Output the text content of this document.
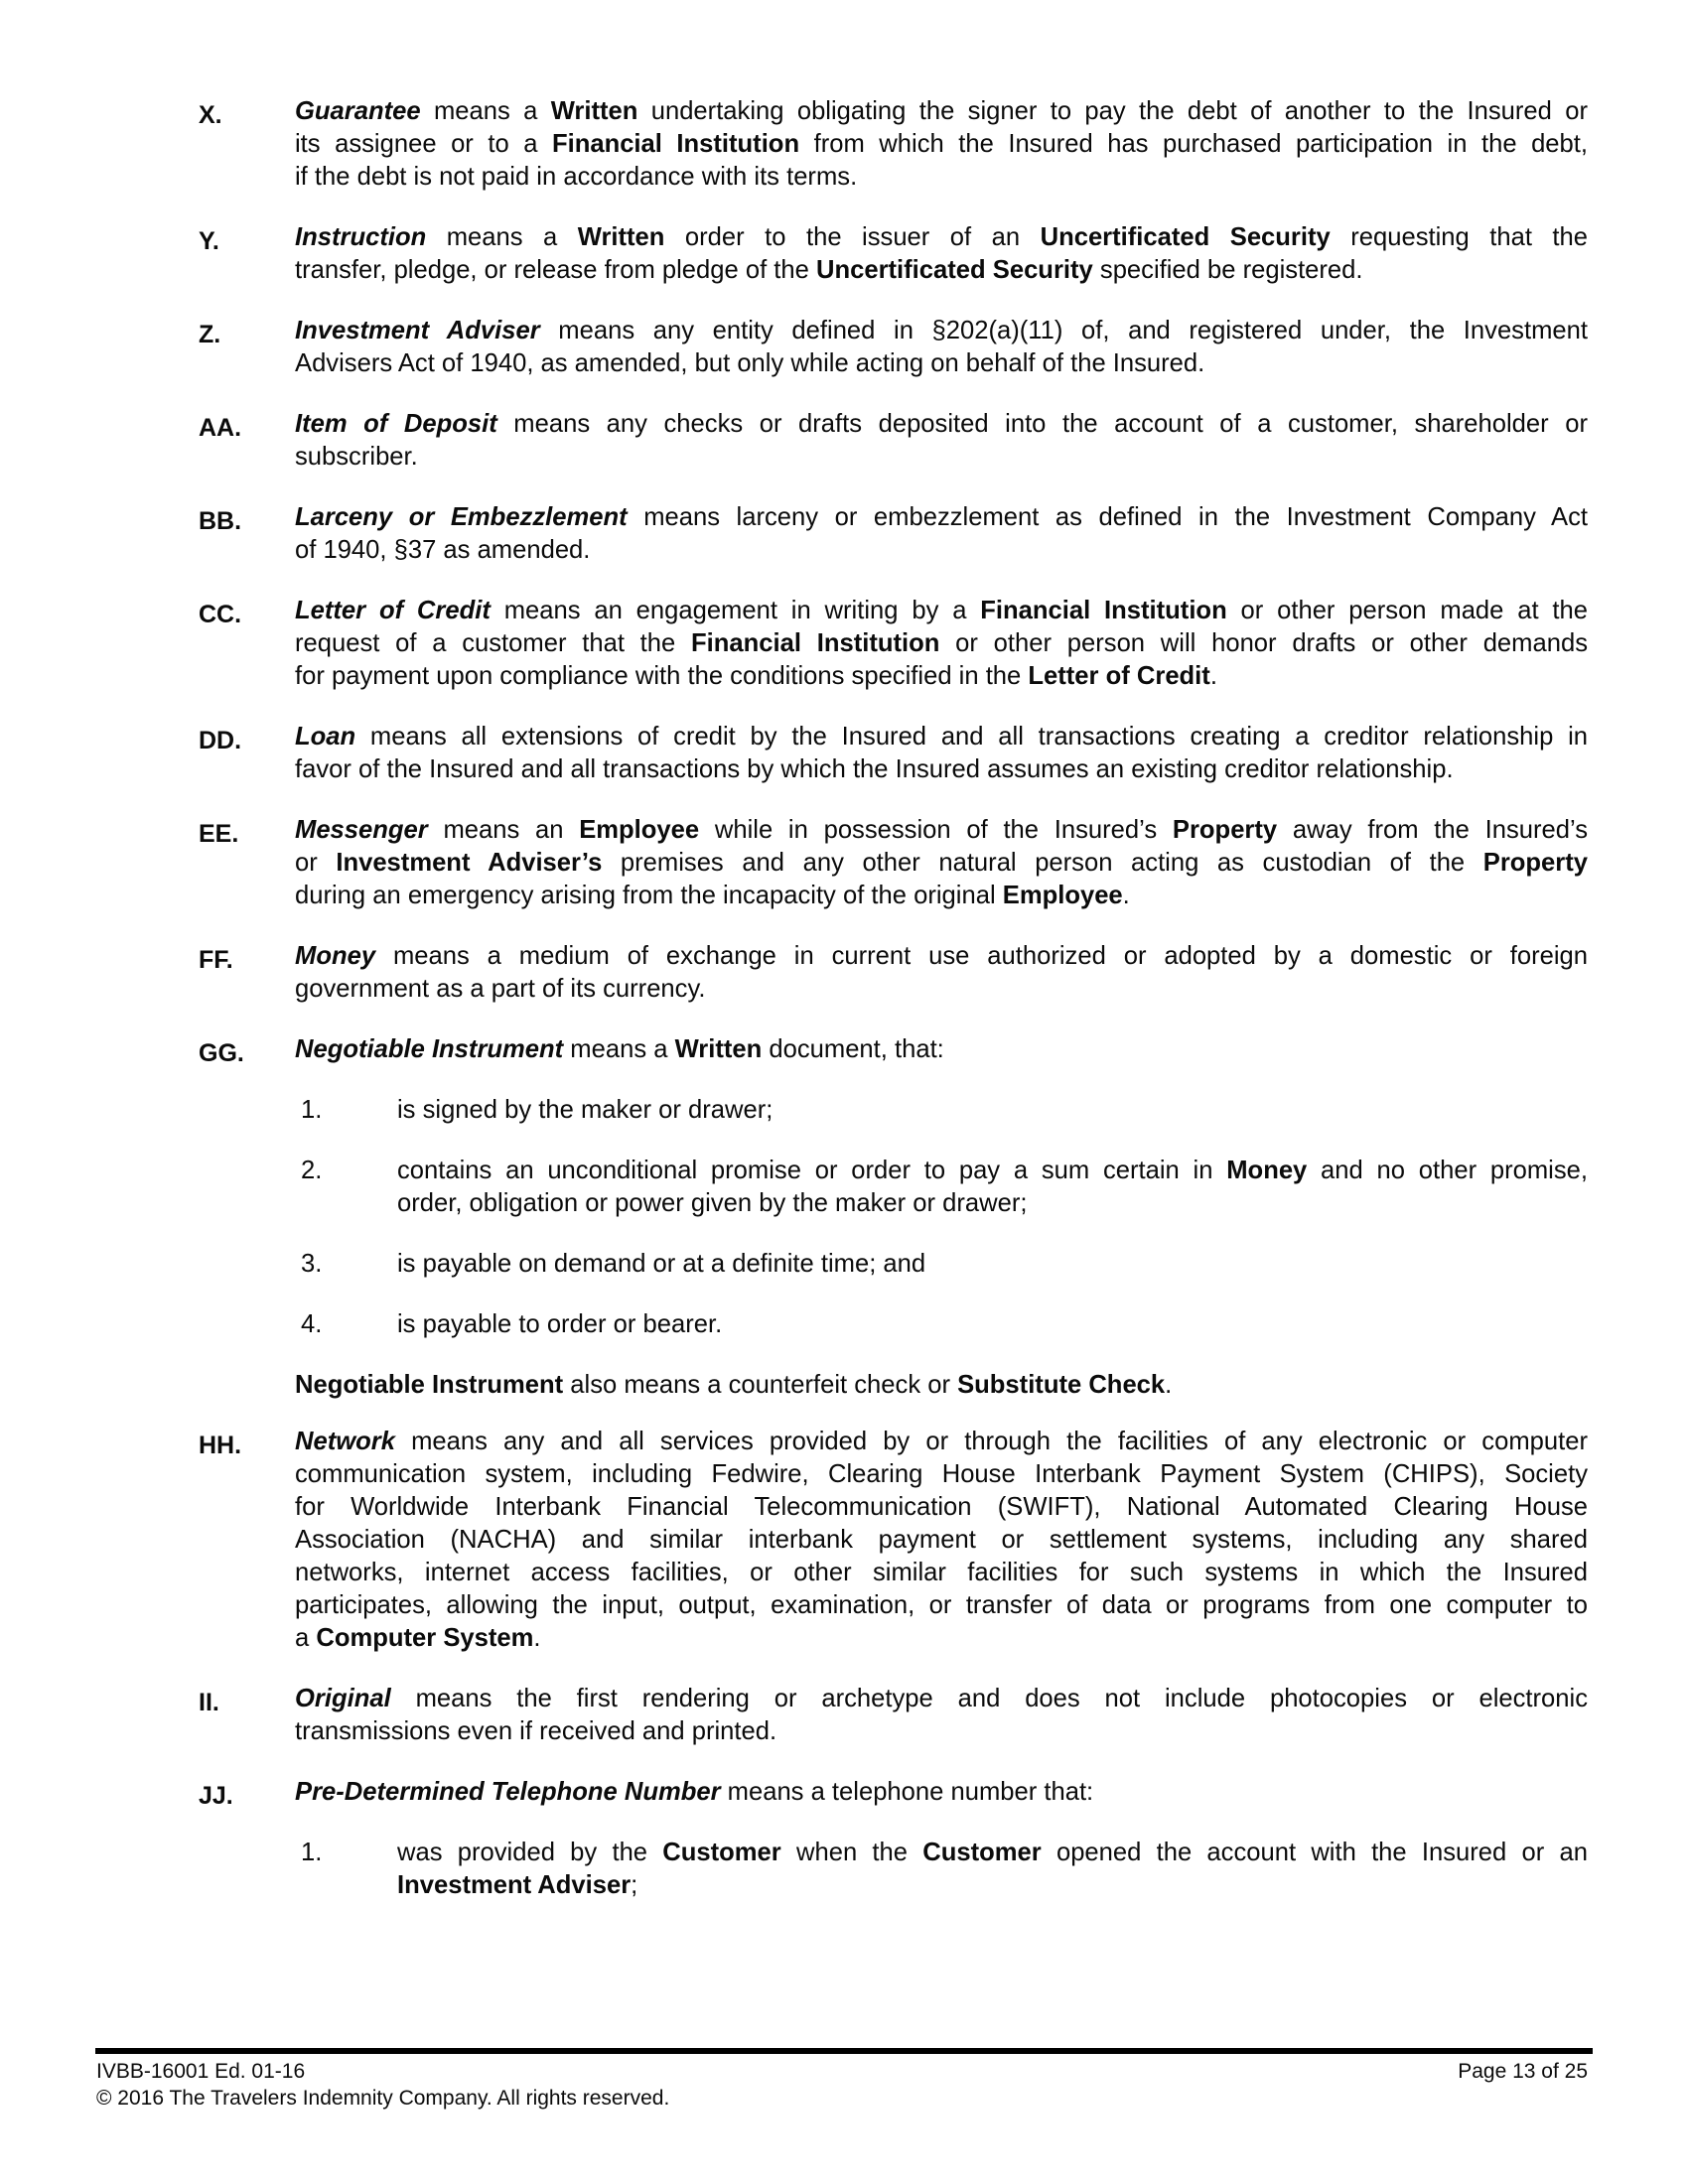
X.	Guarantee means a Written undertaking obligating the signer to pay the debt of another to the Insured or
its assignee or to a Financial Institution from which the Insured has purchased participation in the debt,
if the debt is not paid in accordance with its terms.
Y.	Instruction means a Written order to the issuer of an Uncertificated Security requesting that the
transfer, pledge, or release from pledge of the Uncertificated Security specified be registered.
Z.	Investment Adviser means any entity defined in §202(a)(11) of, and registered under, the Investment
Advisers Act of 1940, as amended, but only while acting on behalf of the Insured.
AA.	Item of Deposit means any checks or drafts deposited into the account of a customer, shareholder or
subscriber.
BB.	Larceny or Embezzlement means larceny or embezzlement as defined in the Investment Company Act
of 1940, §37 as amended.
CC.	Letter of Credit means an engagement in writing by a Financial Institution or other person made at the
request of a customer that the Financial Institution or other person will honor drafts or other demands
for payment upon compliance with the conditions specified in the Letter of Credit.
DD.	Loan means all extensions of credit by the Insured and all transactions creating a creditor relationship in
favor of the Insured and all transactions by which the Insured assumes an existing creditor relationship.
EE.	Messenger means an Employee while in possession of the Insured’s Property away from the Insured’s
or Investment Adviser’s premises and any other natural person acting as custodian of the Property
during an emergency arising from the incapacity of the original Employee.
FF.	Money means a medium of exchange in current use authorized or adopted by a domestic or foreign
government as a part of its currency.
GG.	Negotiable Instrument means a Written document, that:
1.	is signed by the maker or drawer;
2.	contains an unconditional promise or order to pay a sum certain in Money and no other promise,
order, obligation or power given by the maker or drawer;
3.	is payable on demand or at a definite time; and
4.	is payable to order or bearer.
Negotiable Instrument also means a counterfeit check or Substitute Check.
HH.	Network means any and all services provided by or through the facilities of any electronic or computer
communication system, including Fedwire, Clearing House Interbank Payment System (CHIPS), Society
for Worldwide Interbank Financial Telecommunication (SWIFT), National Automated Clearing House
Association (NACHA) and similar interbank payment or settlement systems, including any shared
networks, internet access facilities, or other similar facilities for such systems in which the Insured
participates, allowing the input, output, examination, or transfer of data or programs from one computer to
a Computer System.
II.	Original means the first rendering or archetype and does not include photocopies or electronic
transmissions even if received and printed.
JJ.	Pre-Determined Telephone Number means a telephone number that:
1.	was provided by the Customer when the Customer opened the account with the Insured or an
Investment Adviser;
IVBB-16001 Ed. 01-16
© 2016 The Travelers Indemnity Company. All rights reserved.
Page 13 of 25
